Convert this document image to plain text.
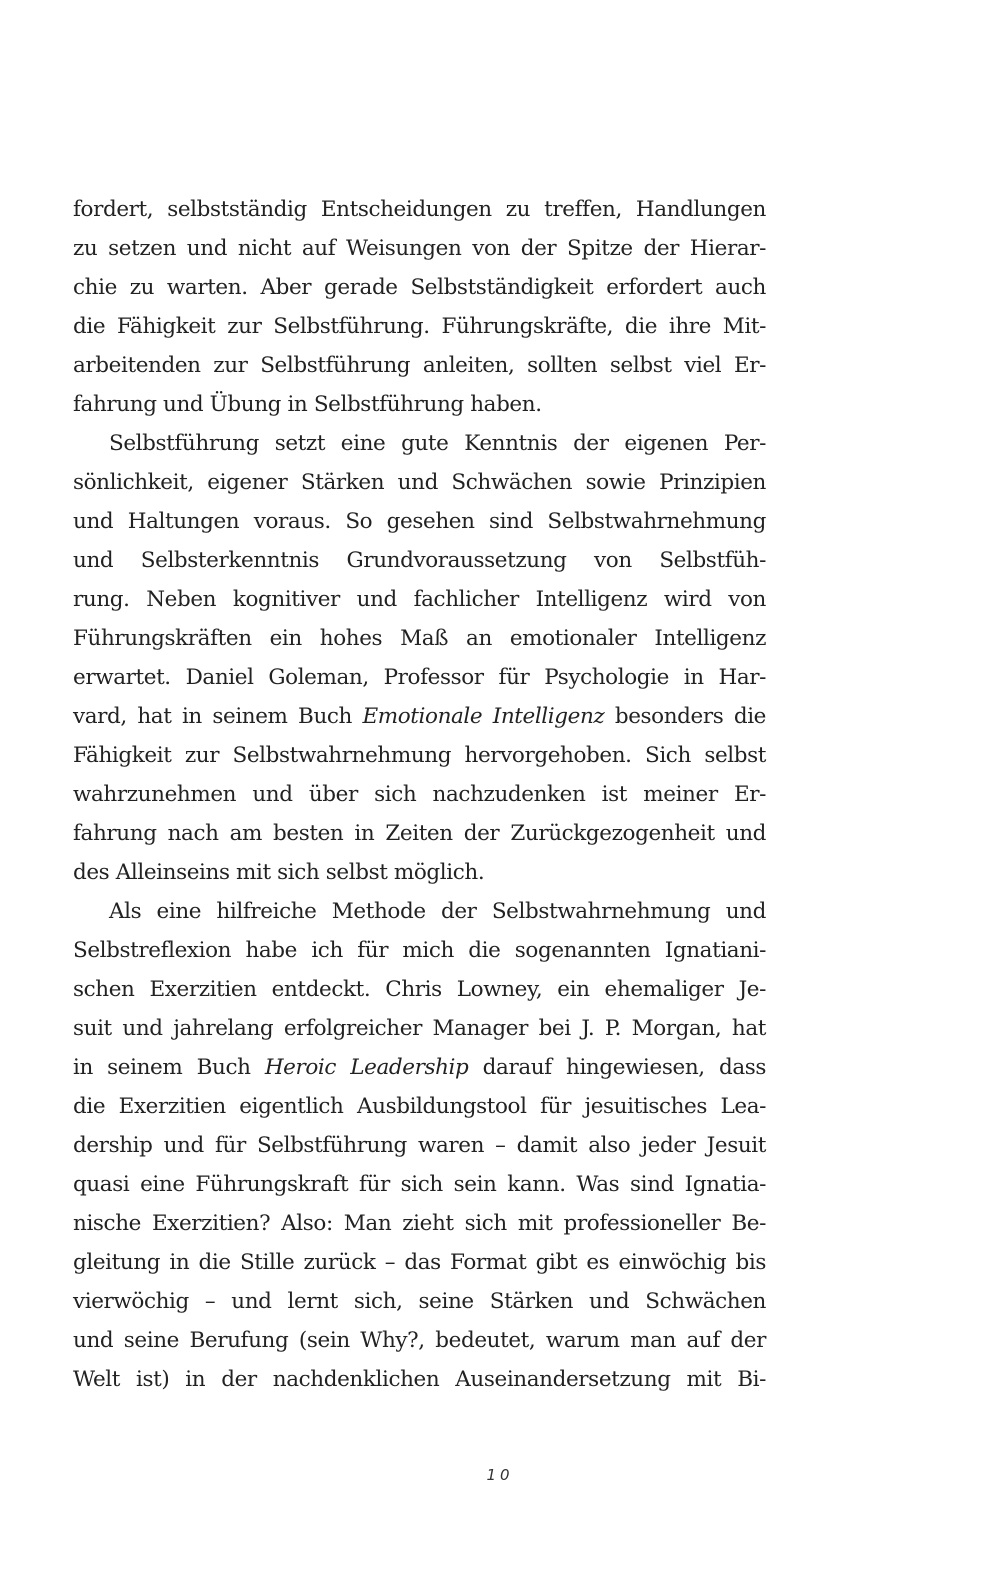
fordert, selbstständig Entscheidungen zu treffen, Handlungen
zu setzen und nicht auf Weisungen von der Spitze der Hierar-
chie zu warten. Aber gerade Selbstständigkeit erfordert auch
die Fähigkeit zur Selbstführung. Führungskräfte, die ihre Mit-
arbeitenden zur Selbstführung anleiten, sollten selbst viel Er-
fahrung und Übung in Selbstführung haben.
Selbstführung setzt eine gute Kenntnis der eigenen Per-
sönlichkeit, eigener Stärken und Schwächen sowie Prinzipien
und Haltungen voraus. So gesehen sind Selbstwahrnehmung
und Selbsterkenntnis Grundvoraussetzung von Selbstfüh-
rung. Neben kognitiver und fachlicher Intelligenz wird von
Führungskräften ein hohes Maß an emotionaler Intelligenz
erwartet. Daniel Goleman, Professor für Psychologie in Har-
vard, hat in seinem Buch Emotionale Intelligenz besonders die
Fähigkeit zur Selbstwahrnehmung hervorgehoben. Sich selbst
wahrzunehmen und über sich nachzudenken ist meiner Er-
fahrung nach am besten in Zeiten der Zurückgezogenheit und
des Alleinseins mit sich selbst möglich.
Als eine hilfreiche Methode der Selbstwahrnehmung und
Selbstreflexion habe ich für mich die sogenannten Ignatiani-
schen Exerzitien entdeckt. Chris Lowney, ein ehemaliger Je-
suit und jahrelang erfolgreicher Manager bei J. P. Morgan, hat
in seinem Buch Heroic Leadership darauf hingewiesen, dass
die Exerzitien eigentlich Ausbildungstool für jesuitisches Lea-
dership und für Selbstführung waren – damit also jeder Jesuit
quasi eine Führungskraft für sich sein kann. Was sind Ignatia-
nische Exerzitien? Also: Man zieht sich mit professioneller Be-
gleitung in die Stille zurück – das Format gibt es einwöchig bis
vierwöchig – und lernt sich, seine Stärken und Schwächen
und seine Berufung (sein Why?, bedeutet, warum man auf der
Welt ist) in der nachdenklichen Auseinandersetzung mit Bi-
10
